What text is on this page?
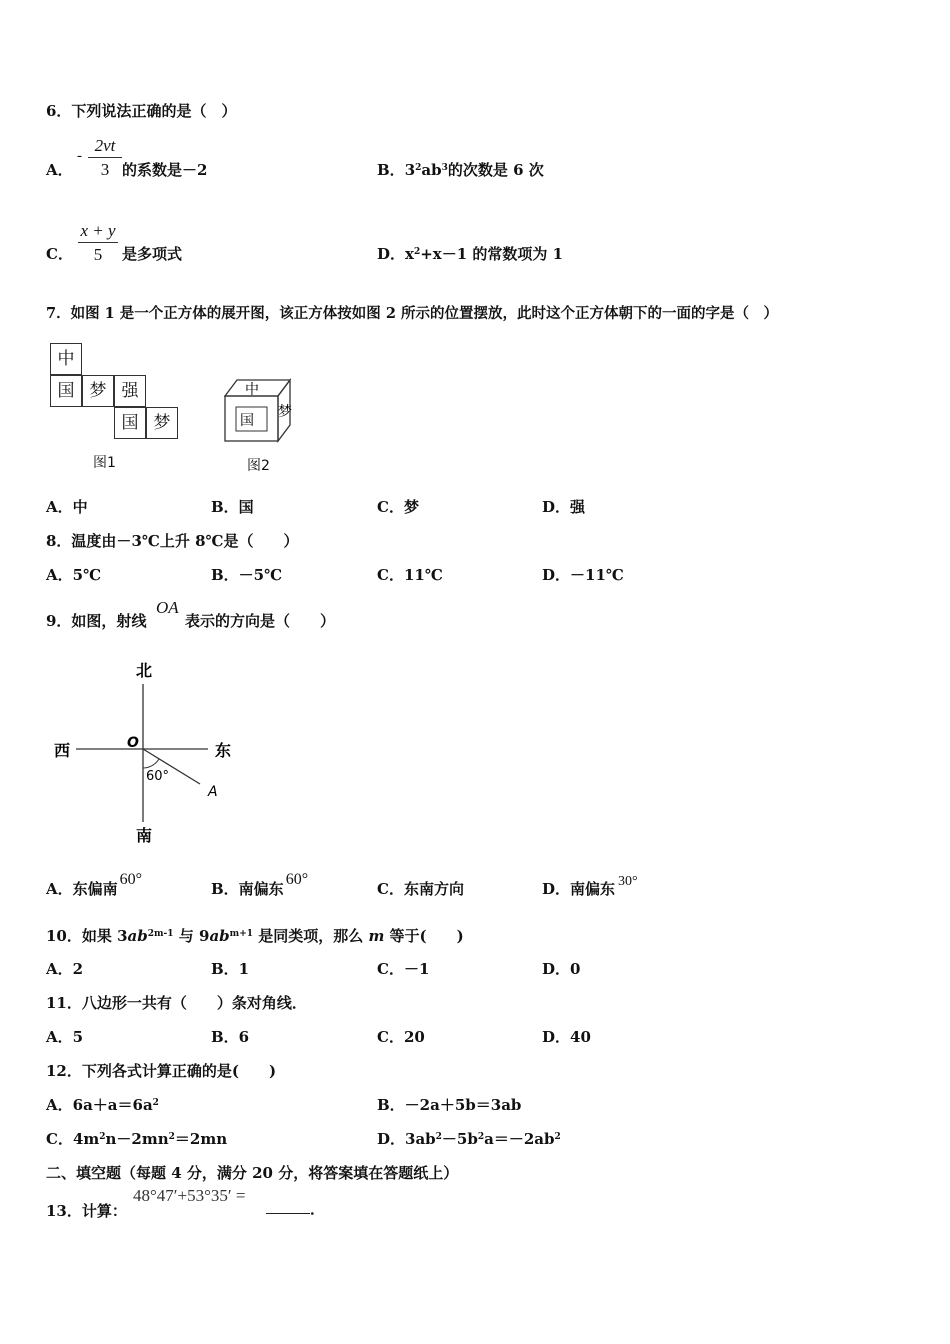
6．下列说法正确的是（　）
A．
- $\frac{2vt}{3}$ 的系数是－2	B．$3^2ab^3$的次数是 6 次
C． $\frac{x + y}{5}$ 是多项式	D．$x^2+x-1$ 的常数项为 1
7．如图 1 是一个正方体的展开图，该正方体按如图 2 所示的位置摆放，此时这个正方体朝下的一面的字是（　）
中
国 梦 强
国 梦
图1
中
国
梦
图2
A．中	B．国	C．梦	D．强
8．温度由－3℃上升 8℃是（　　）
A．5℃	B．－5℃	C．11℃	D．－11℃
9．如图，射线
OA
表示的方向是（　　）
北
南
西	东
O
60°
A
A．东偏南60°
B．南偏东60°
C．东南方向	D．南偏东 30°
10．如果 $3ab^{2m-1}$ 与 $9ab^{m+1}$ 是同类项，那么 m 等于(　　)
A．2	B．1	C．－1	D．0
11．八边形一共有（　　）条对角线．
A．5	B．6	C．20	D．40
12．下列各式计算正确的是(　　)
A．$6a+a=6a^2$	B．－2a＋5b＝3ab
C．$4m^2n-2mn^2=2mn$	D．$3ab^2-5b^2a=-2ab^2$
二、填空题（每题 4 分，满分 20 分，将答案填在答题纸上）
13．计算：
48°47′+53°35′ =
．
